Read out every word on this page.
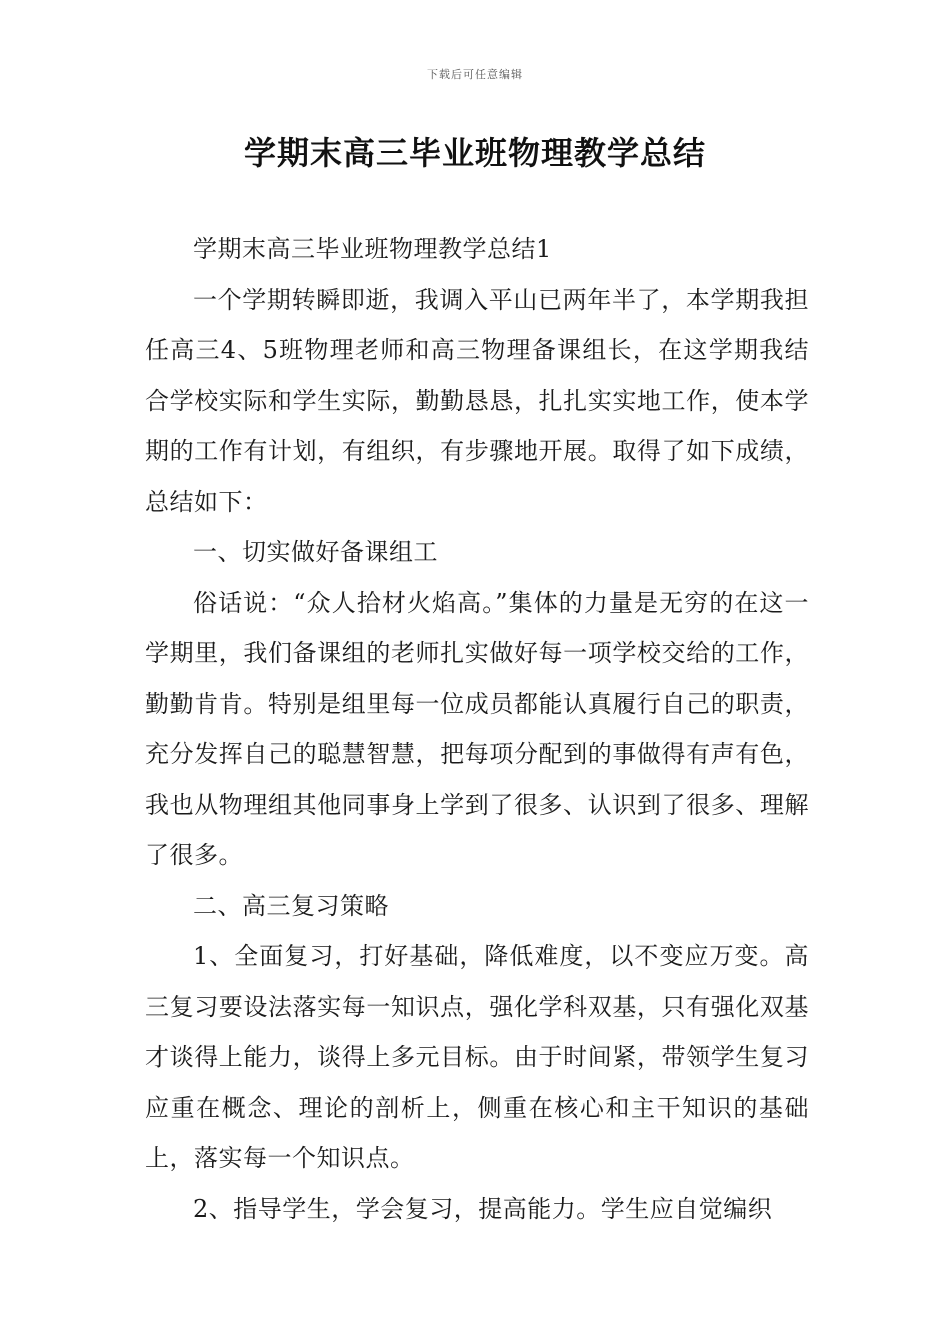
下载后可任意编辑
学期末高三毕业班物理教学总结

学期末高三毕业班物理教学总结1

一个学期转瞬即逝，我调入平山已两年半了，本学期我担任高三4、5班物理老师和高三物理备课组长，在这学期我结合学校实际和学生实际，勤勤恳恳，扎扎实实地工作，使本学期的工作有计划，有组织，有步骤地开展。取得了如下成绩，总结如下：

一、切实做好备课组工

俗话说：“众人拾材火焰高。”集体的力量是无穷的在这一学期里，我们备课组的老师扎实做好每一项学校交给的工作，勤勤肯肯。特别是组里每一位成员都能认真履行自己的职责，充分发挥自己的聪慧智慧，把每项分配到的事做得有声有色，我也从物理组其他同事身上学到了很多、认识到了很多、理解了很多。

二、高三复习策略

1、全面复习，打好基础，降低难度，以不变应万变。高三复习要设法落实每一知识点，强化学科双基，只有强化双基才谈得上能力，谈得上多元目标。由于时间紧，带领学生复习应重在概念、理论的剖析上，侧重在核心和主干知识的基础上，落实每一个知识点。

2、指导学生，学会复习，提高能力。学生应自觉编织
